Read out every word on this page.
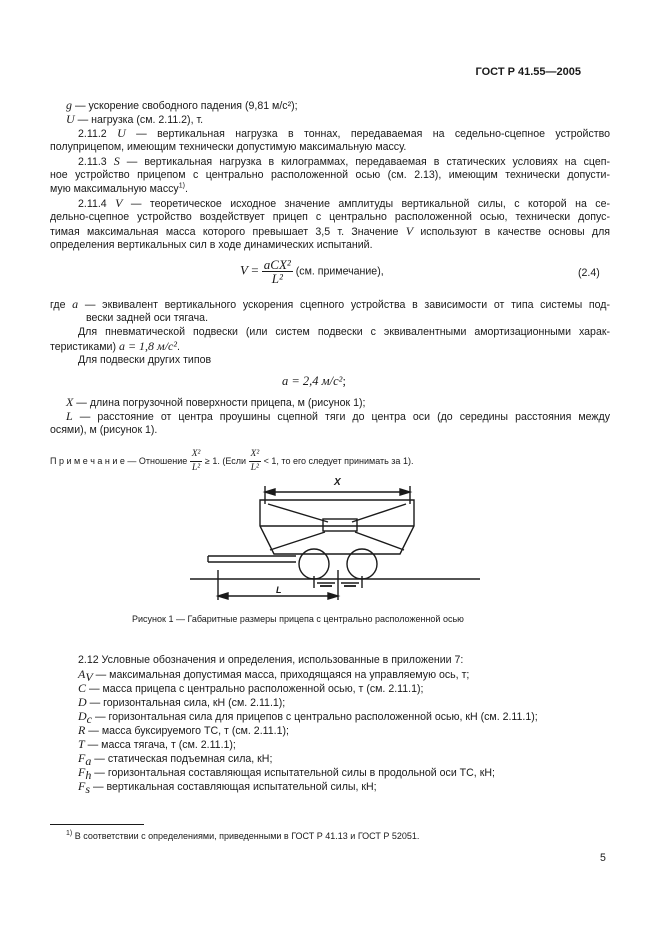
ГОСТ Р 41.55—2005
g — ускорение свободного падения (9,81 м/с²);
U — нагрузка (см. 2.11.2), т.
2.11.2 U — вертикальная нагрузка в тоннах, передаваемая на седельно-сцепное устройство
полуприцепом, имеющим технически допустимую максимальную массу.
2.11.3 S — вертикальная нагрузка в килограммах, передаваемая в статических условиях на сцеп-
ное устройство прицепом с центрально расположенной осью (см. 2.13), имеющим технически допусти-
мую максимальную массу$^{1)}$.
2.11.4 V — теоретическое исходное значение амплитуды вертикальной силы, с которой на се-
дельно-сцепное устройство воздействует прицеп с центрально расположенной осью, технически допус-
тимая максимальная масса которого превышает 3,5 т. Значение V используют в качестве основы для
определения вертикальных сил в ходе динамических испытаний.
$V = \frac{\text{aCX²}}{\text{L²}} (см$. примечание),	(2.4)
где a — эквивалент вертикального ускорения сцепного устройства в зависимости от типа системы под-
вески задней оси тягача.
Для пневматической подвески (или систем подвески с эквивалентными амортизационными харак-
теристиками) a = 1,8 м/с².
Для подвески других типов
a = 2,4 м/с²;
X — длина погрузочной поверхности прицепа, м (рисунок 1);
L — расстояние от центра проушины сцепной тяги до центра оси (до середины расстояния между
осями), м (рисунок 1).
П р и м е ч а н и е — Отношение $\frac{\text{X²}}{\text{L²}} \ge 1$. (Если $\frac{\text{X²}}{\text{L²}} < 1$, то его следует принимать за 1).
X
L
Рисунок 1 — Габаритные размеры прицепа с центрально расположенной осью
2.12 Условные обозначения и определения, использованные в приложении 7:
$A_V$ — максимальная допустимая масса, приходящаяся на управляемую ось, т;
C — масса прицепа с центрально расположенной осью, т (см. 2.11.1);
D — горизонтальная сила, кН (см. 2.11.1);
$D_c$ — горизонтальная сила для прицепов с центрально расположенной осью, кН (см. 2.11.1);
R — масса буксируемого ТС, т (см. 2.11.1);
T — масса тягача, т (см. 2.11.1);
$F_a$ — статическая подъемная сила, кН;
$F_h$ — горизонтальная составляющая испытательной силы в продольной оси ТС, кН;
$F_s$ — вертикальная составляющая испытательной силы, кН;
$^{1)}$ В соответствии с определениями, приведенными в ГОСТ Р 41.13 и ГОСТ Р 52051.
5
